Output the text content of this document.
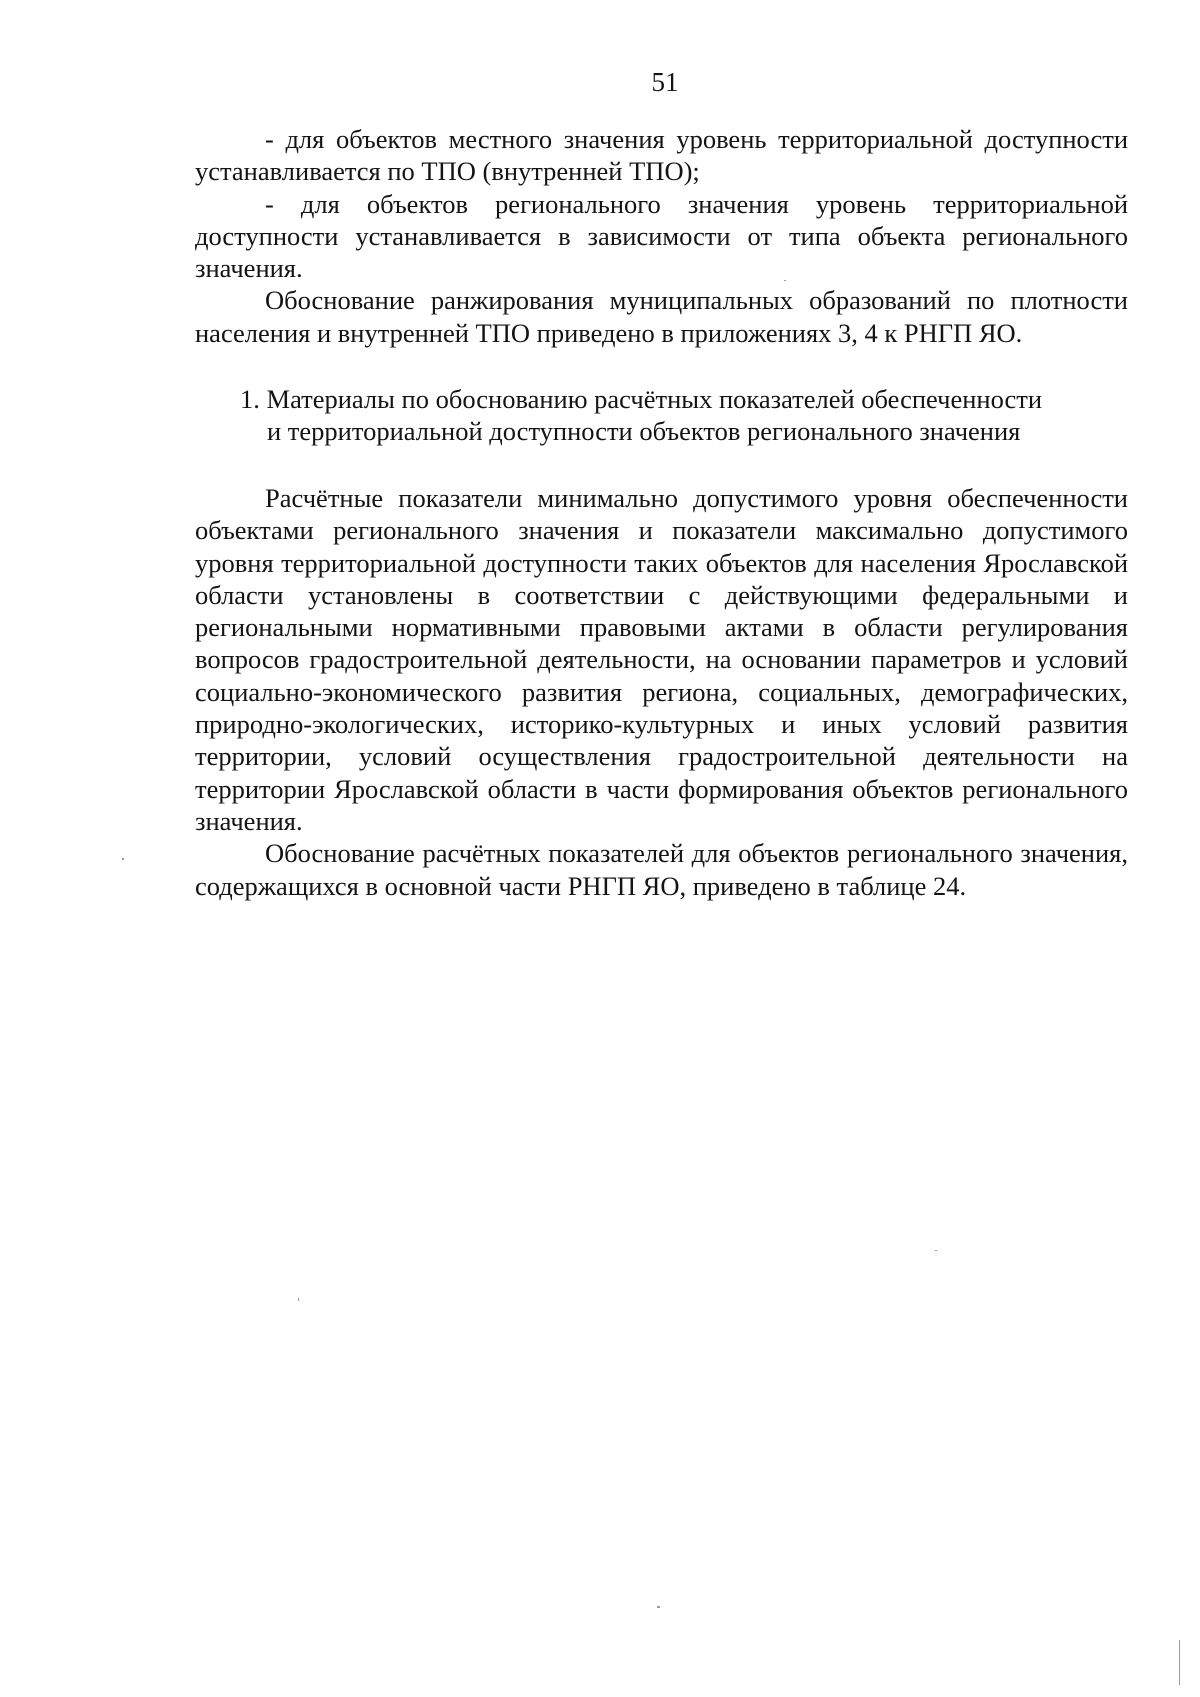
51

- для объектов местного значения уровень территориальной доступности устанавливается по ТПО (внутренней ТПО);

- для объектов регионального значения уровень территориальной доступности устанавливается в зависимости от типа объекта регионального значения.

Обоснование ранжирования муниципальных образований по плотности населения и внутренней ТПО приведено в приложениях 3, 4 к РНГП ЯО.

1. Материалы по обоснованию расчётных показателей обеспеченности
и территориальной доступности объектов регионального значения

Расчётные показатели минимально допустимого уровня обеспеченности объектами регионального значения и показатели максимально допустимого уровня территориальной доступности таких объектов для населения Ярославской области установлены в соответствии с действующими федеральными и региональными нормативными правовыми актами в области регулирования вопросов градостроительной деятельности, на основании параметров и условий социально-экономического развития региона, социальных, демографических, природно-экологических, историко-культурных и иных условий развития территории, условий осуществления градостроительной деятельности на территории Ярославской области в части формирования объектов регионального значения.

Обоснование расчётных показателей для объектов регионального значения, содержащихся в основной части РНГП ЯО, приведено в таблице 24.
